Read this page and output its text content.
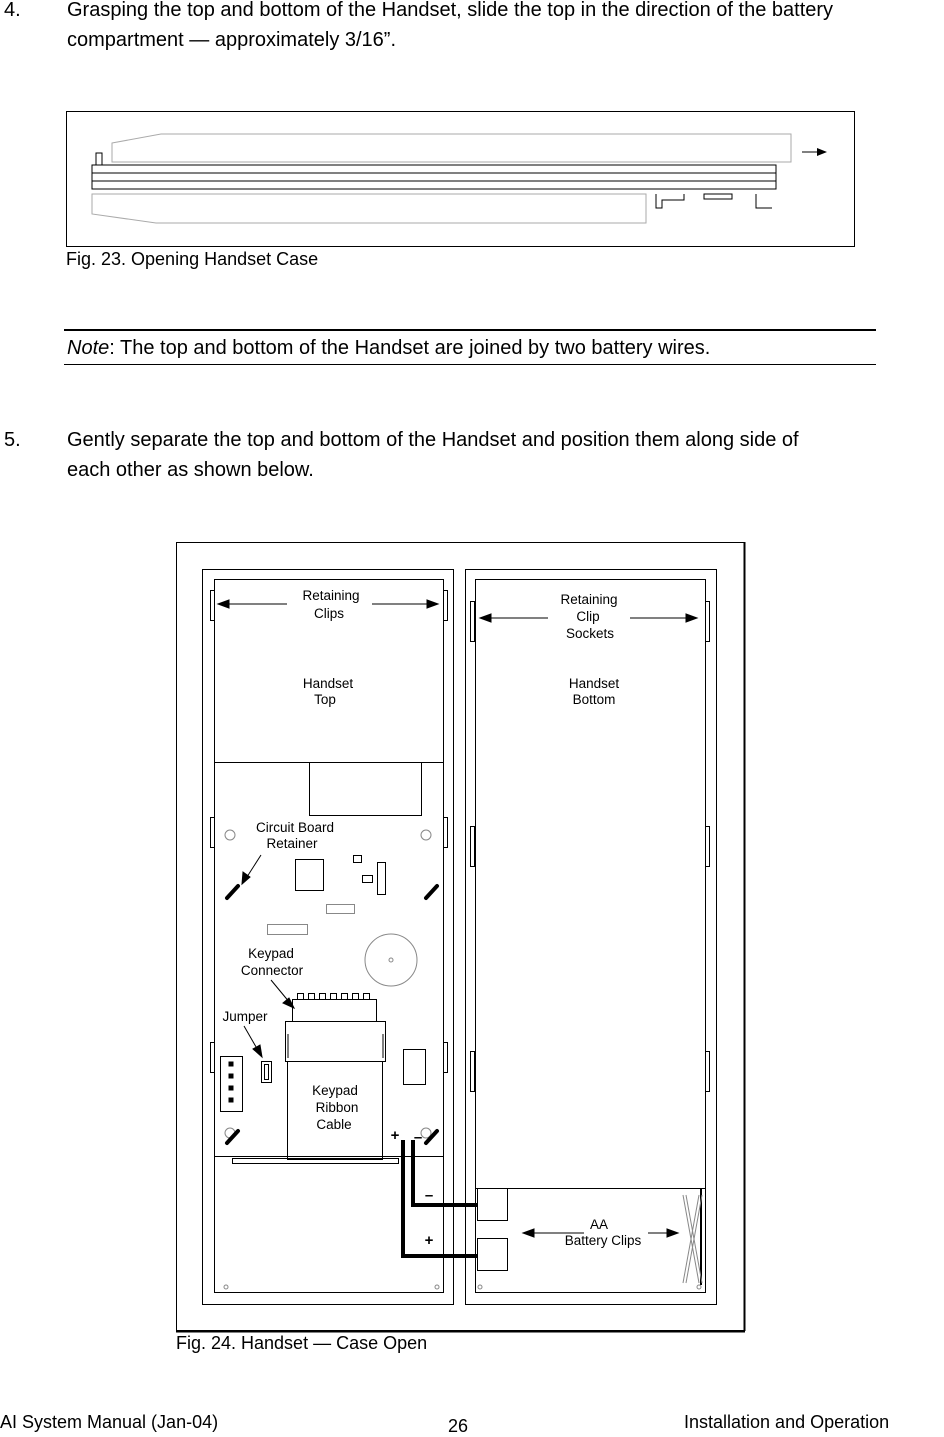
4. Grasping the top and bottom of the Handset, slide the top in the direction of the battery
compartment — approximately 3/16”.
Fig. 23. Opening Handset Case
Note: The top and bottom of the Handset are joined by two battery wires.
5. Gently separate the top and bottom of the Handset and position them along side of
each other as shown below.
Retaining
Clips
Handset
Top
Retaining
Clip
Sockets
Handset
Bottom
Circuit Board
Retainer
Keypad
Connector
Jumper
Keypad
Ribbon
Cable
AA
Battery Clips
+ –
–
+
Fig. 24. Handset — Case Open
AI System Manual (Jan-04)	26	Installation and Operation
